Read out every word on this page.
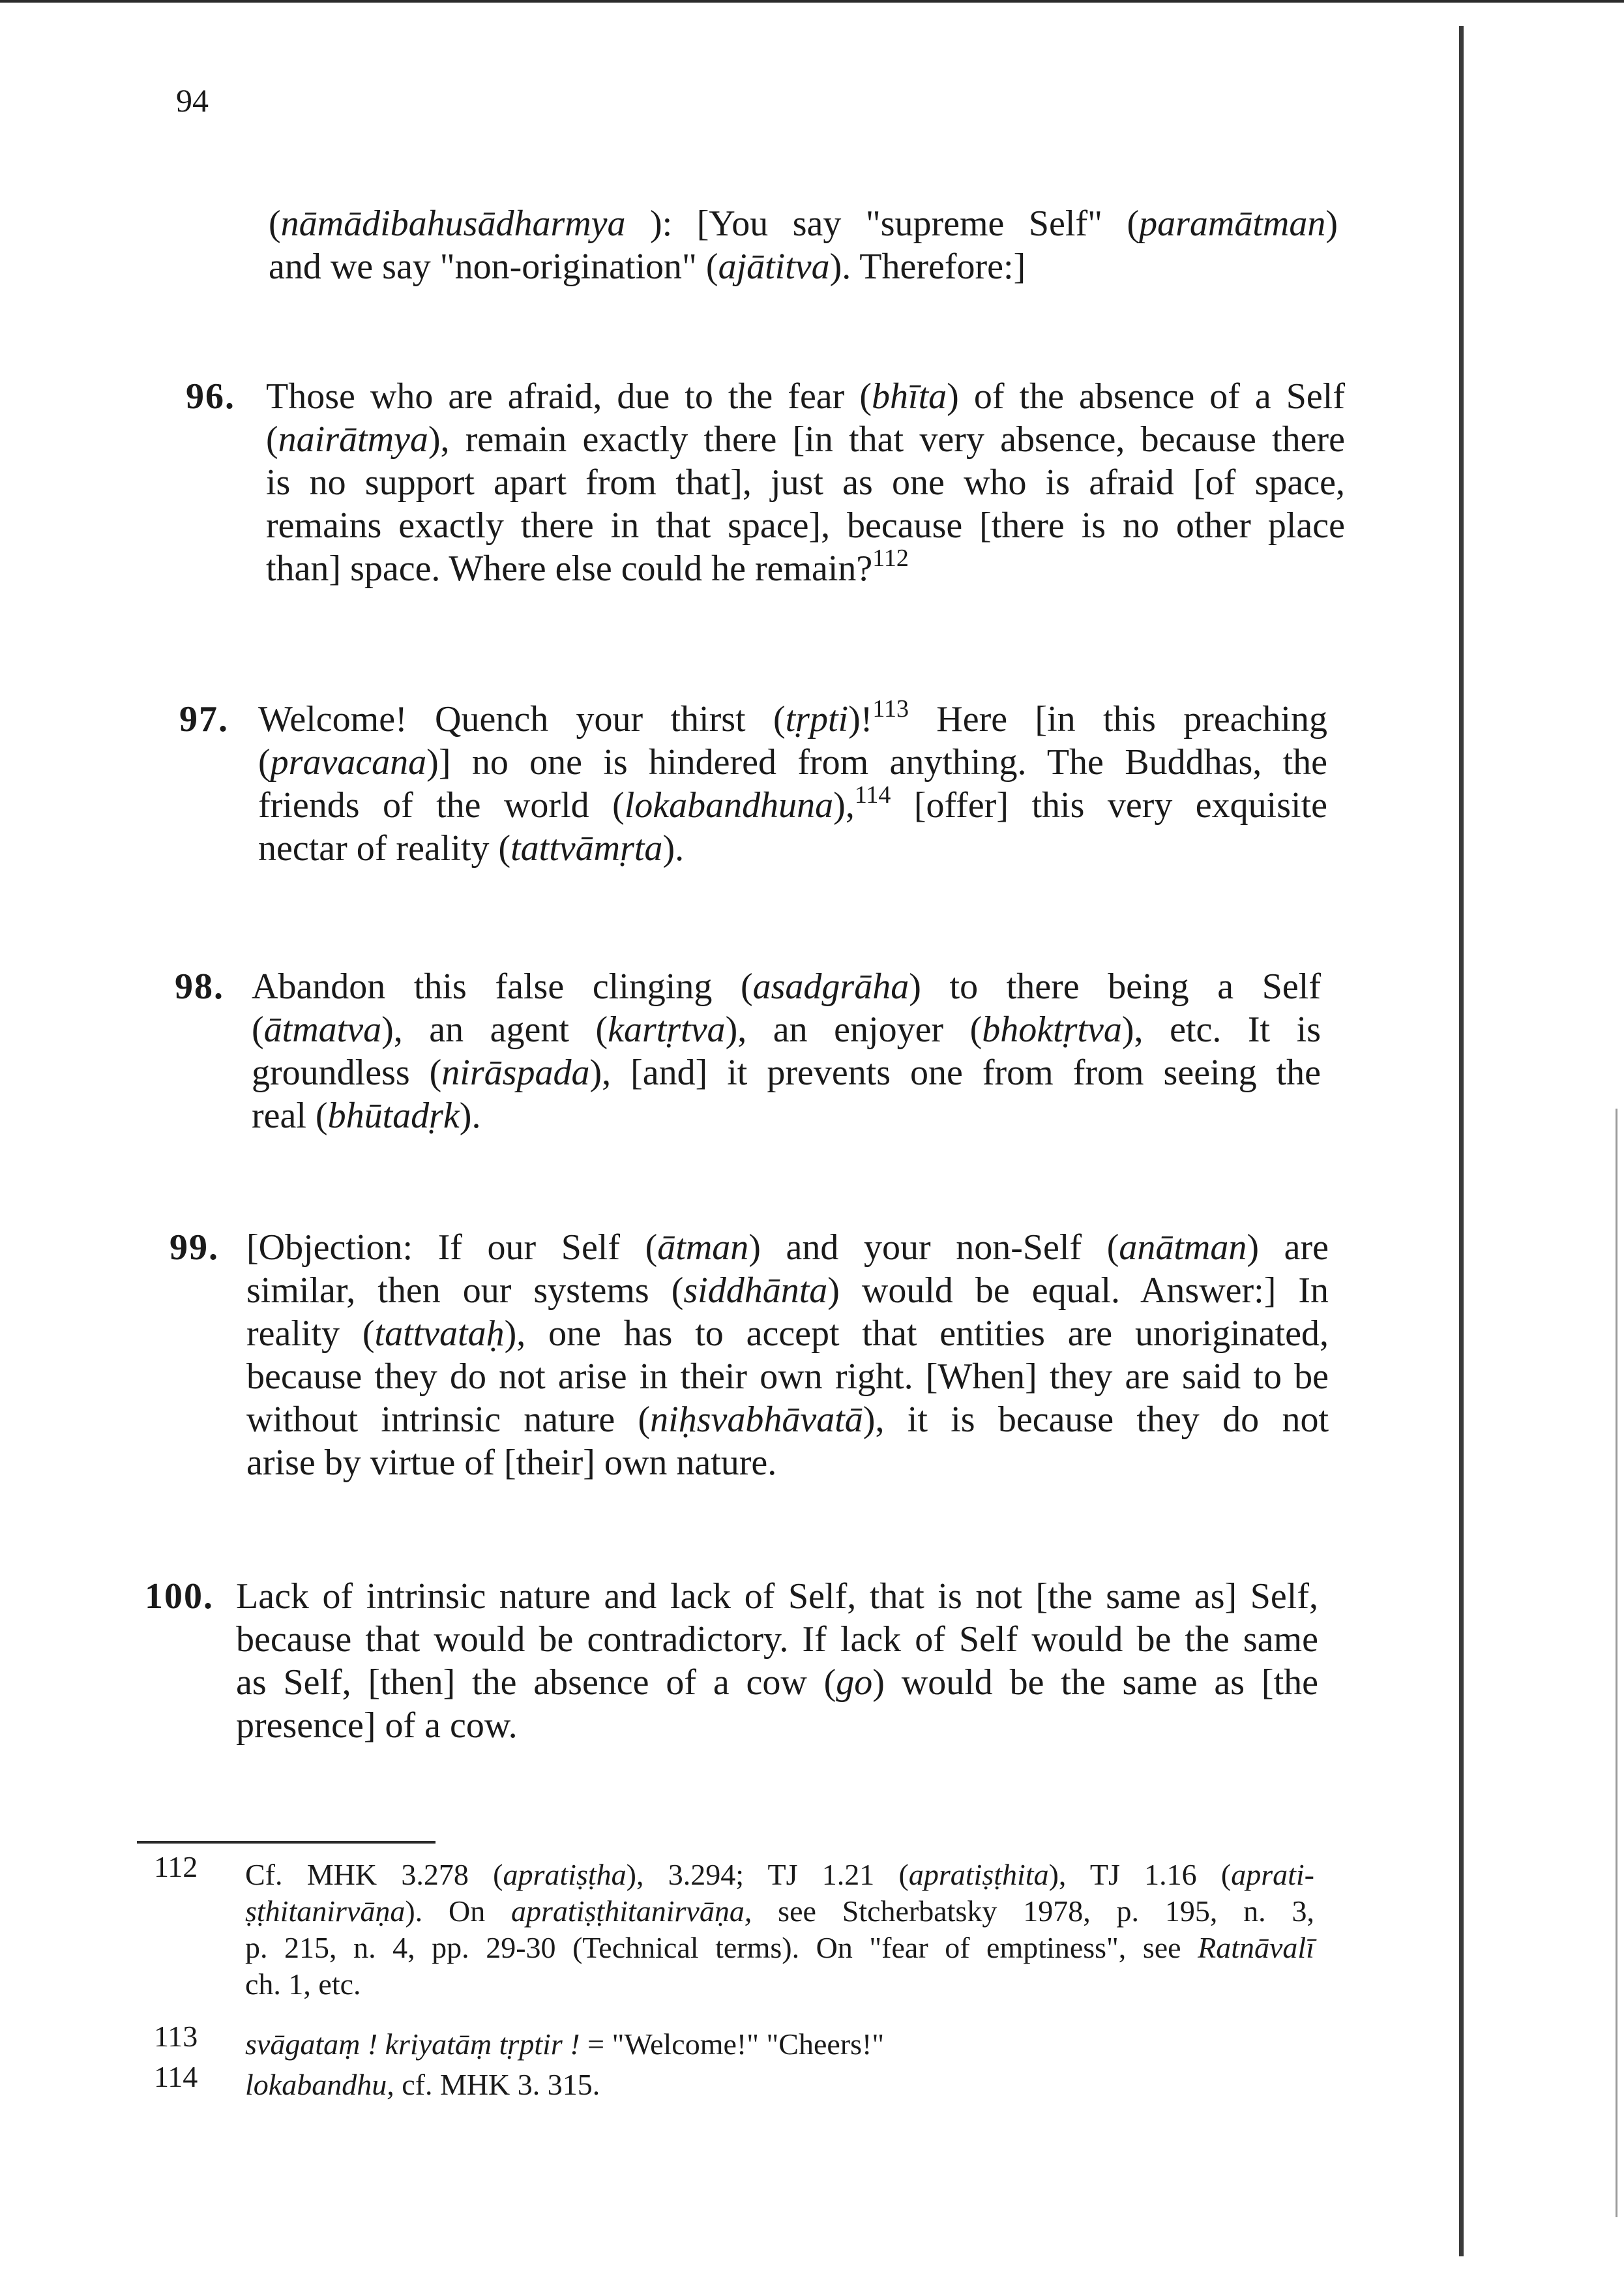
94
(nāmādibahusādharmya ): [You say "supreme Self" (paramātman)
and we say "non-origination" (ajātitva). Therefore:]
96. Those who are afraid, due to the fear (bhīta) of the absence of a Self
(nairātmya), remain exactly there [in that very absence, because there
is no support apart from that], just as one who is afraid [of space,
remains exactly there in that space], because [there is no other place
than] space. Where else could he remain?$^{112}$
97. Welcome! Quench your thirst (tṛpti)!$^{113}$ Here [in this preaching
(pravacana)] no one is hindered from anything. The Buddhas, the
friends of the world (lokabandhuna),$^{114}$ [offer] this very exquisite
nectar of reality (tattvāmṛta).
98. Abandon this false clinging (asadgrāha) to there being a Self
(ātmatva), an agent (kartṛtva), an enjoyer (bhoktṛtva), etc. It is
groundless (nirāspada), [and] it prevents one from from seeing the
real (bhūtadṛk).
99. [Objection: If our Self (ātman) and your non-Self (anātman) are
similar, then our systems (siddhānta) would be equal. Answer:] In
reality (tattvataḥ), one has to accept that entities are unoriginated,
because they do not arise in their own right. [When] they are said to be
without intrinsic nature (niḥsvabhāvatā), it is because they do not
arise by virtue of [their] own nature.
100. Lack of intrinsic nature and lack of Self, that is not [the same as] Self,
because that would be contradictory. If lack of Self would be the same
as Self, [then] the absence of a cow (go) would be the same as [the
presence] of a cow.
112 Cf. MHK 3.278 (apratiṣṭha), 3.294; TJ 1.21 (apratiṣṭhita), TJ 1.16 (aprati-
ṣṭhitanirvāṇa). On apratiṣṭhitanirvāṇa, see Stcherbatsky 1978, p. 195, n. 3,
p. 215, n. 4, pp. 29-30 (Technical terms). On "fear of emptiness", see Ratnāvalī
ch. 1, etc.
113 svāgataṃ ! kriyatāṃ tṛptir ! = "Welcome!" "Cheers!"
114 lokabandhu, cf. MHK 3. 315.
